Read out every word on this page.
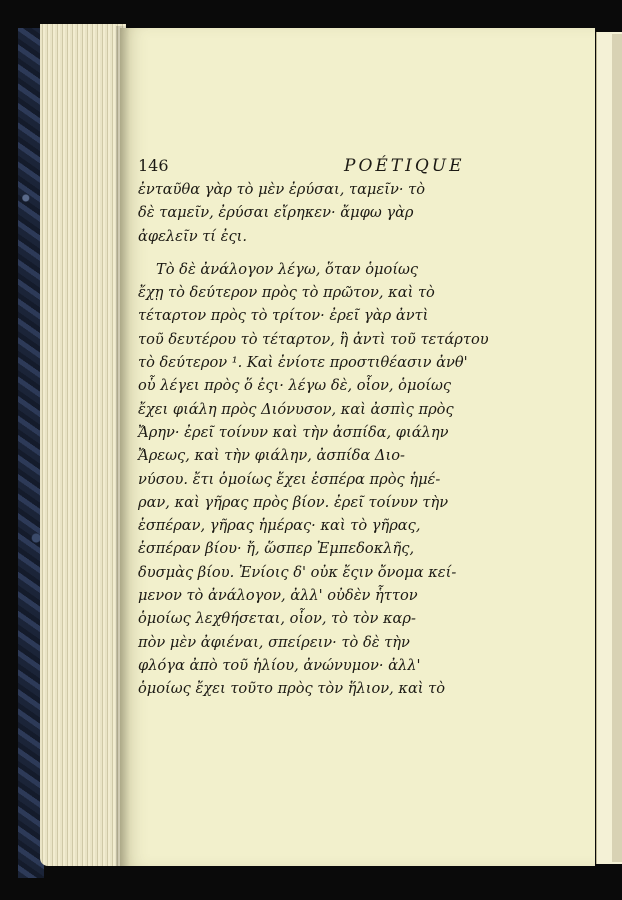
146	POÉTIQUE
ἐνταῦθα γὰρ τὸ μὲν ἐρύσαι, ταμεῖν· τὸ
δὲ ταμεῖν, ἐρύσαι εἴρηκεν· ἄμφω γὰρ
ἀφελεῖν τί ἐςι.
Τὸ δὲ ἀνάλογον λέγω, ὅταν ὁμοίως
ἔχῃ τὸ δεύτερον πρὸς τὸ πρῶτον, καὶ τὸ
τέταρτον πρὸς τὸ τρίτον· ἐρεῖ γὰρ ἀντὶ
τοῦ δευτέρου τὸ τέταρτον, ἢ ἀντὶ τοῦ τετάρτου
τὸ δεύτερον ¹. Καὶ ἐνίοτε προστιθέασιν ἀνθ'
οὗ λέγει πρὸς ὅ ἐςι· λέγω δὲ, οἷον, ὁμοίως
ἔχει φιάλη πρὸς Διόνυσον, καὶ ἀσπὶς πρὸς
Ἄρην· ἐρεῖ τοίνυν καὶ τὴν ἀσπίδα, φιάλην
Ἄρεως, καὶ τὴν φιάλην, ἀσπίδα Διο-
νύσου. ἔτι ὁμοίως ἔχει ἑσπέρα πρὸς ἡμέ-
ραν, καὶ γῆρας πρὸς βίον. ἐρεῖ τοίνυν τὴν
ἑσπέραν, γῆρας ἡμέρας· καὶ τὸ γῆρας,
ἑσπέραν βίου· ἤ, ὥσπερ Ἐμπεδοκλῆς,
δυσμὰς βίου. Ἐνίοις δ' οὐκ ἔςιν ὄνομα κεί-
μενον τὸ ἀνάλογον, ἀλλ' οὐδὲν ἧττον
ὁμοίως λεχθήσεται, οἷον, τὸ τὸν καρ-
πὸν μὲν ἀφιέναι, σπείρειν· τὸ δὲ τὴν
φλόγα ἀπὸ τοῦ ἡλίου, ἀνώνυμον· ἀλλ'
ὁμοίως ἔχει τοῦτο πρὸς τὸν ἥλιον, καὶ τὸ
